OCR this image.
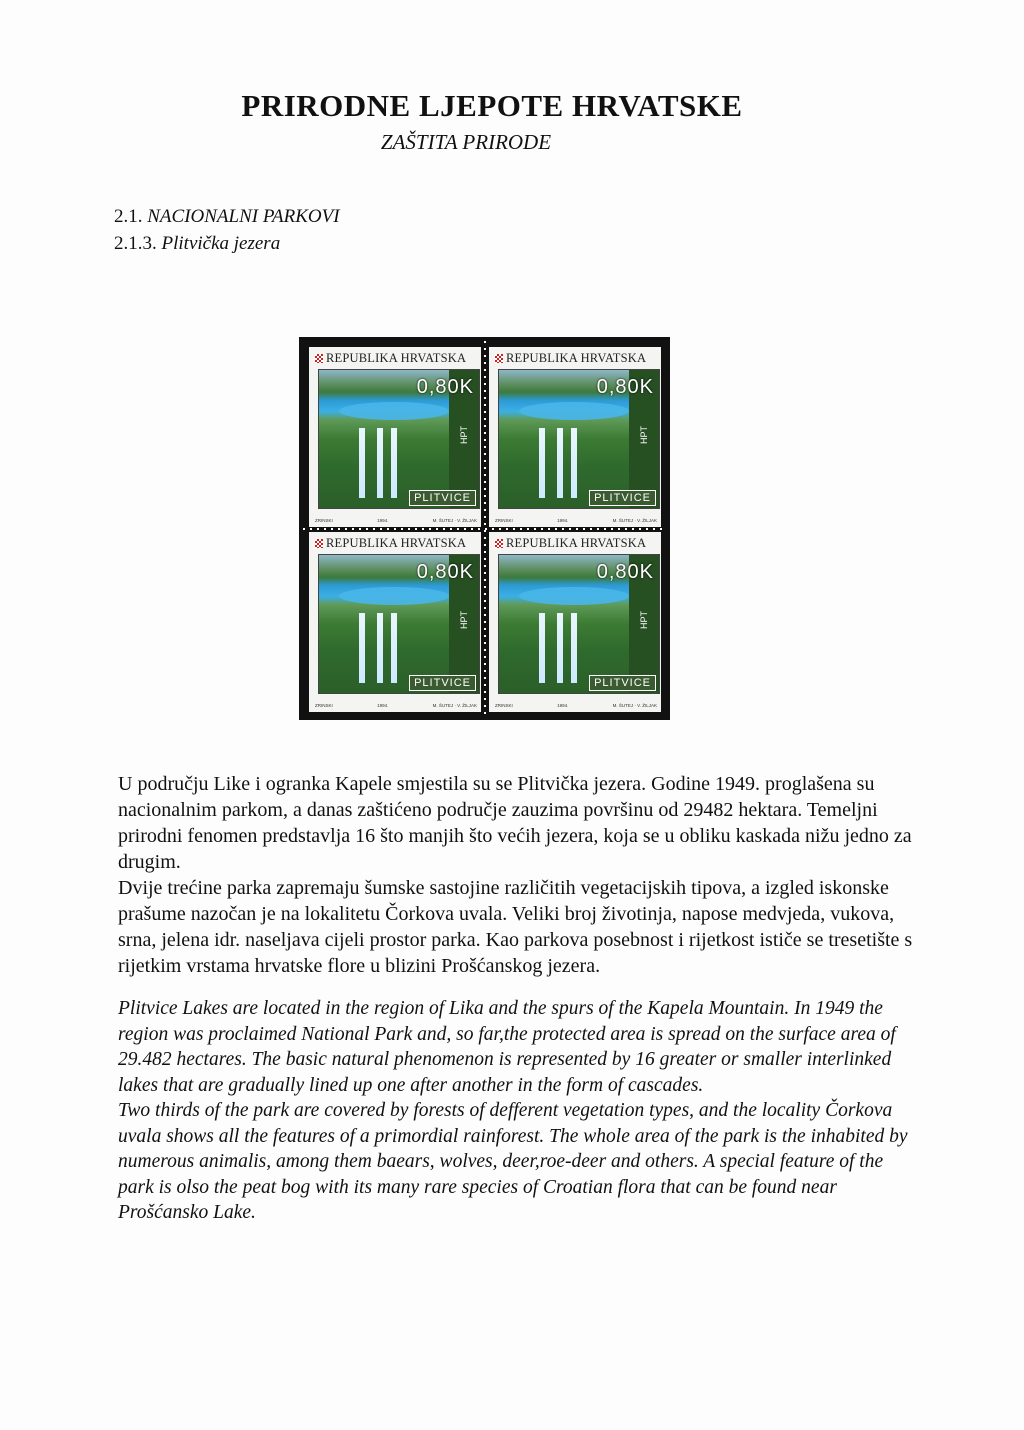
PRIRODNE LJEPOTE HRVATSKE
ZAŠTITA PRIRODE
2.1. NACIONALNI PARKOVI
2.1.3. Plitvička jezera
REPUBLIKA HRVATSKA
0,80K
HPT
PLITVICE
ZRINSKI	1994.	M. ŠUTEJ · V. ŽILJAK
REPUBLIKA HRVATSKA
0,80K
HPT
PLITVICE
ZRINSKI	1994.	M. ŠUTEJ · V. ŽILJAK
REPUBLIKA HRVATSKA
0,80K
HPT
PLITVICE
ZRINSKI	1994.	M. ŠUTEJ · V. ŽILJAK
REPUBLIKA HRVATSKA
0,80K
HPT
PLITVICE
ZRINSKI	1994.	M. ŠUTEJ · V. ŽILJAK

U području Like i ogranka Kapele smjestila su se Plitvička jezera. Godine 1949. proglašena su nacionalnim parkom, a danas zaštićeno područje zauzima površinu od 29482 hektara. Temeljni prirodni fenomen predstavlja 16 što manjih što većih jezera, koja se u obliku kaskada nižu jedno za drugim.

Dvije trećine parka zapremaju šumske sastojine različitih vegetacijskih tipova, a izgled iskonske prašume nazočan je na lokalitetu Čorkova uvala. Veliki broj životinja, napose medvjeda, vukova, srna, jelena idr. naseljava cijeli prostor parka. Kao parkova posebnost i rijetkost ističe se tresetište s rijetkim vrstama hrvatske flore u blizini Prošćanskog jezera.

Plitvice Lakes are located in the region of Lika and the spurs of the Kapela Mountain. In 1949 the region was proclaimed National Park and, so far,the protected area is spread on the surface area of 29.482 hectares. The basic natural phenomenon is represented by 16 greater or smaller interlinked lakes that are gradually lined up one after another in the form of cascades.

Two thirds of the park are covered by forests of defferent vegetation types, and the locality Čorkova uvala shows all the features of a primordial rainforest. The whole area of the park is the inhabited by numerous animalis, among them baears, wolves, deer,roe-deer and others. A special feature of the park is olso the peat bog with its many rare species of Croatian flora that can be found near Prošćansko Lake.
